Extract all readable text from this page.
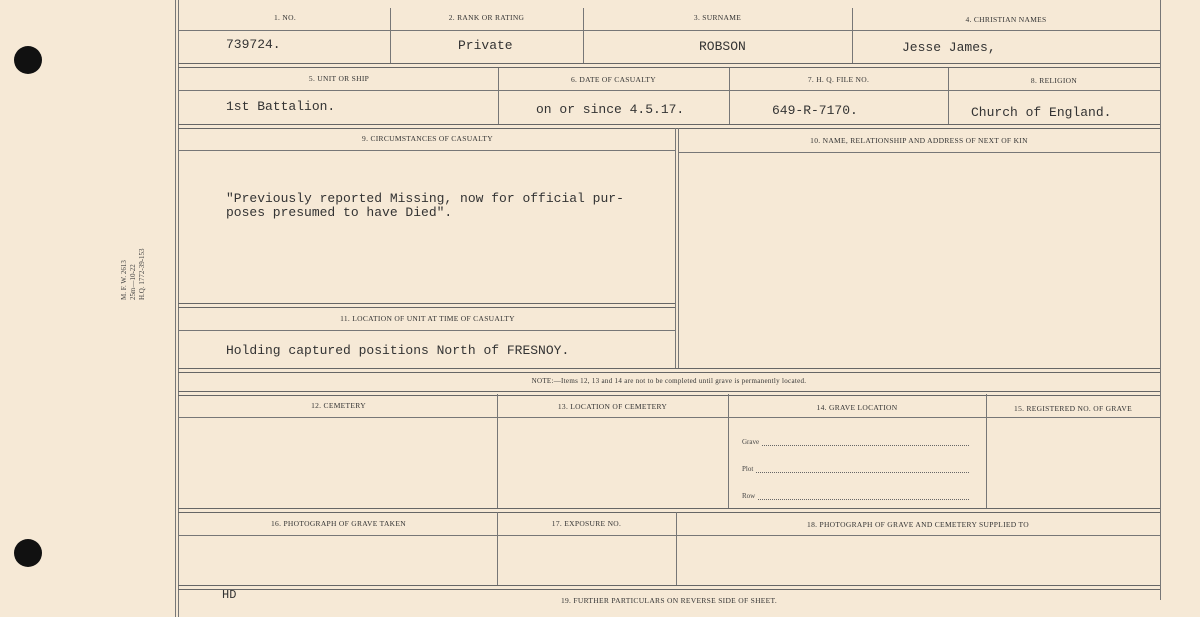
M. F. W. 2613 25m—10-22 H.Q. 1772-39-153
1. NO.	2. RANK OR RATING	3. SURNAME	4. CHRISTIAN NAMES
739724.	Private	ROBSON	Jesse James,
5. UNIT OR SHIP	6. DATE OF CASUALTY	7. H. Q. FILE NO.	8. RELIGION
1st Battalion.	on or since 4.5.17.	649-R-7170.	Church of England.
9. CIRCUMSTANCES OF CASUALTY	10. NAME, RELATIONSHIP AND ADDRESS OF NEXT OF KIN
"Previously reported Missing, now for official pur-
poses presumed to have Died".
11. LOCATION OF UNIT AT TIME OF CASUALTY
Holding captured positions North of FRESNOY.
NOTE:—Items 12, 13 and 14 are not to be completed until grave is permanently located.
12. CEMETERY	13. LOCATION OF CEMETERY	14. GRAVE LOCATION	15. REGISTERED NO. OF GRAVE
Grave
Plot
Row
16. PHOTOGRAPH OF GRAVE TAKEN	17. EXPOSURE NO.	18. PHOTOGRAPH OF GRAVE AND CEMETERY SUPPLIED TO
HD	19. FURTHER PARTICULARS ON REVERSE SIDE OF SHEET.
